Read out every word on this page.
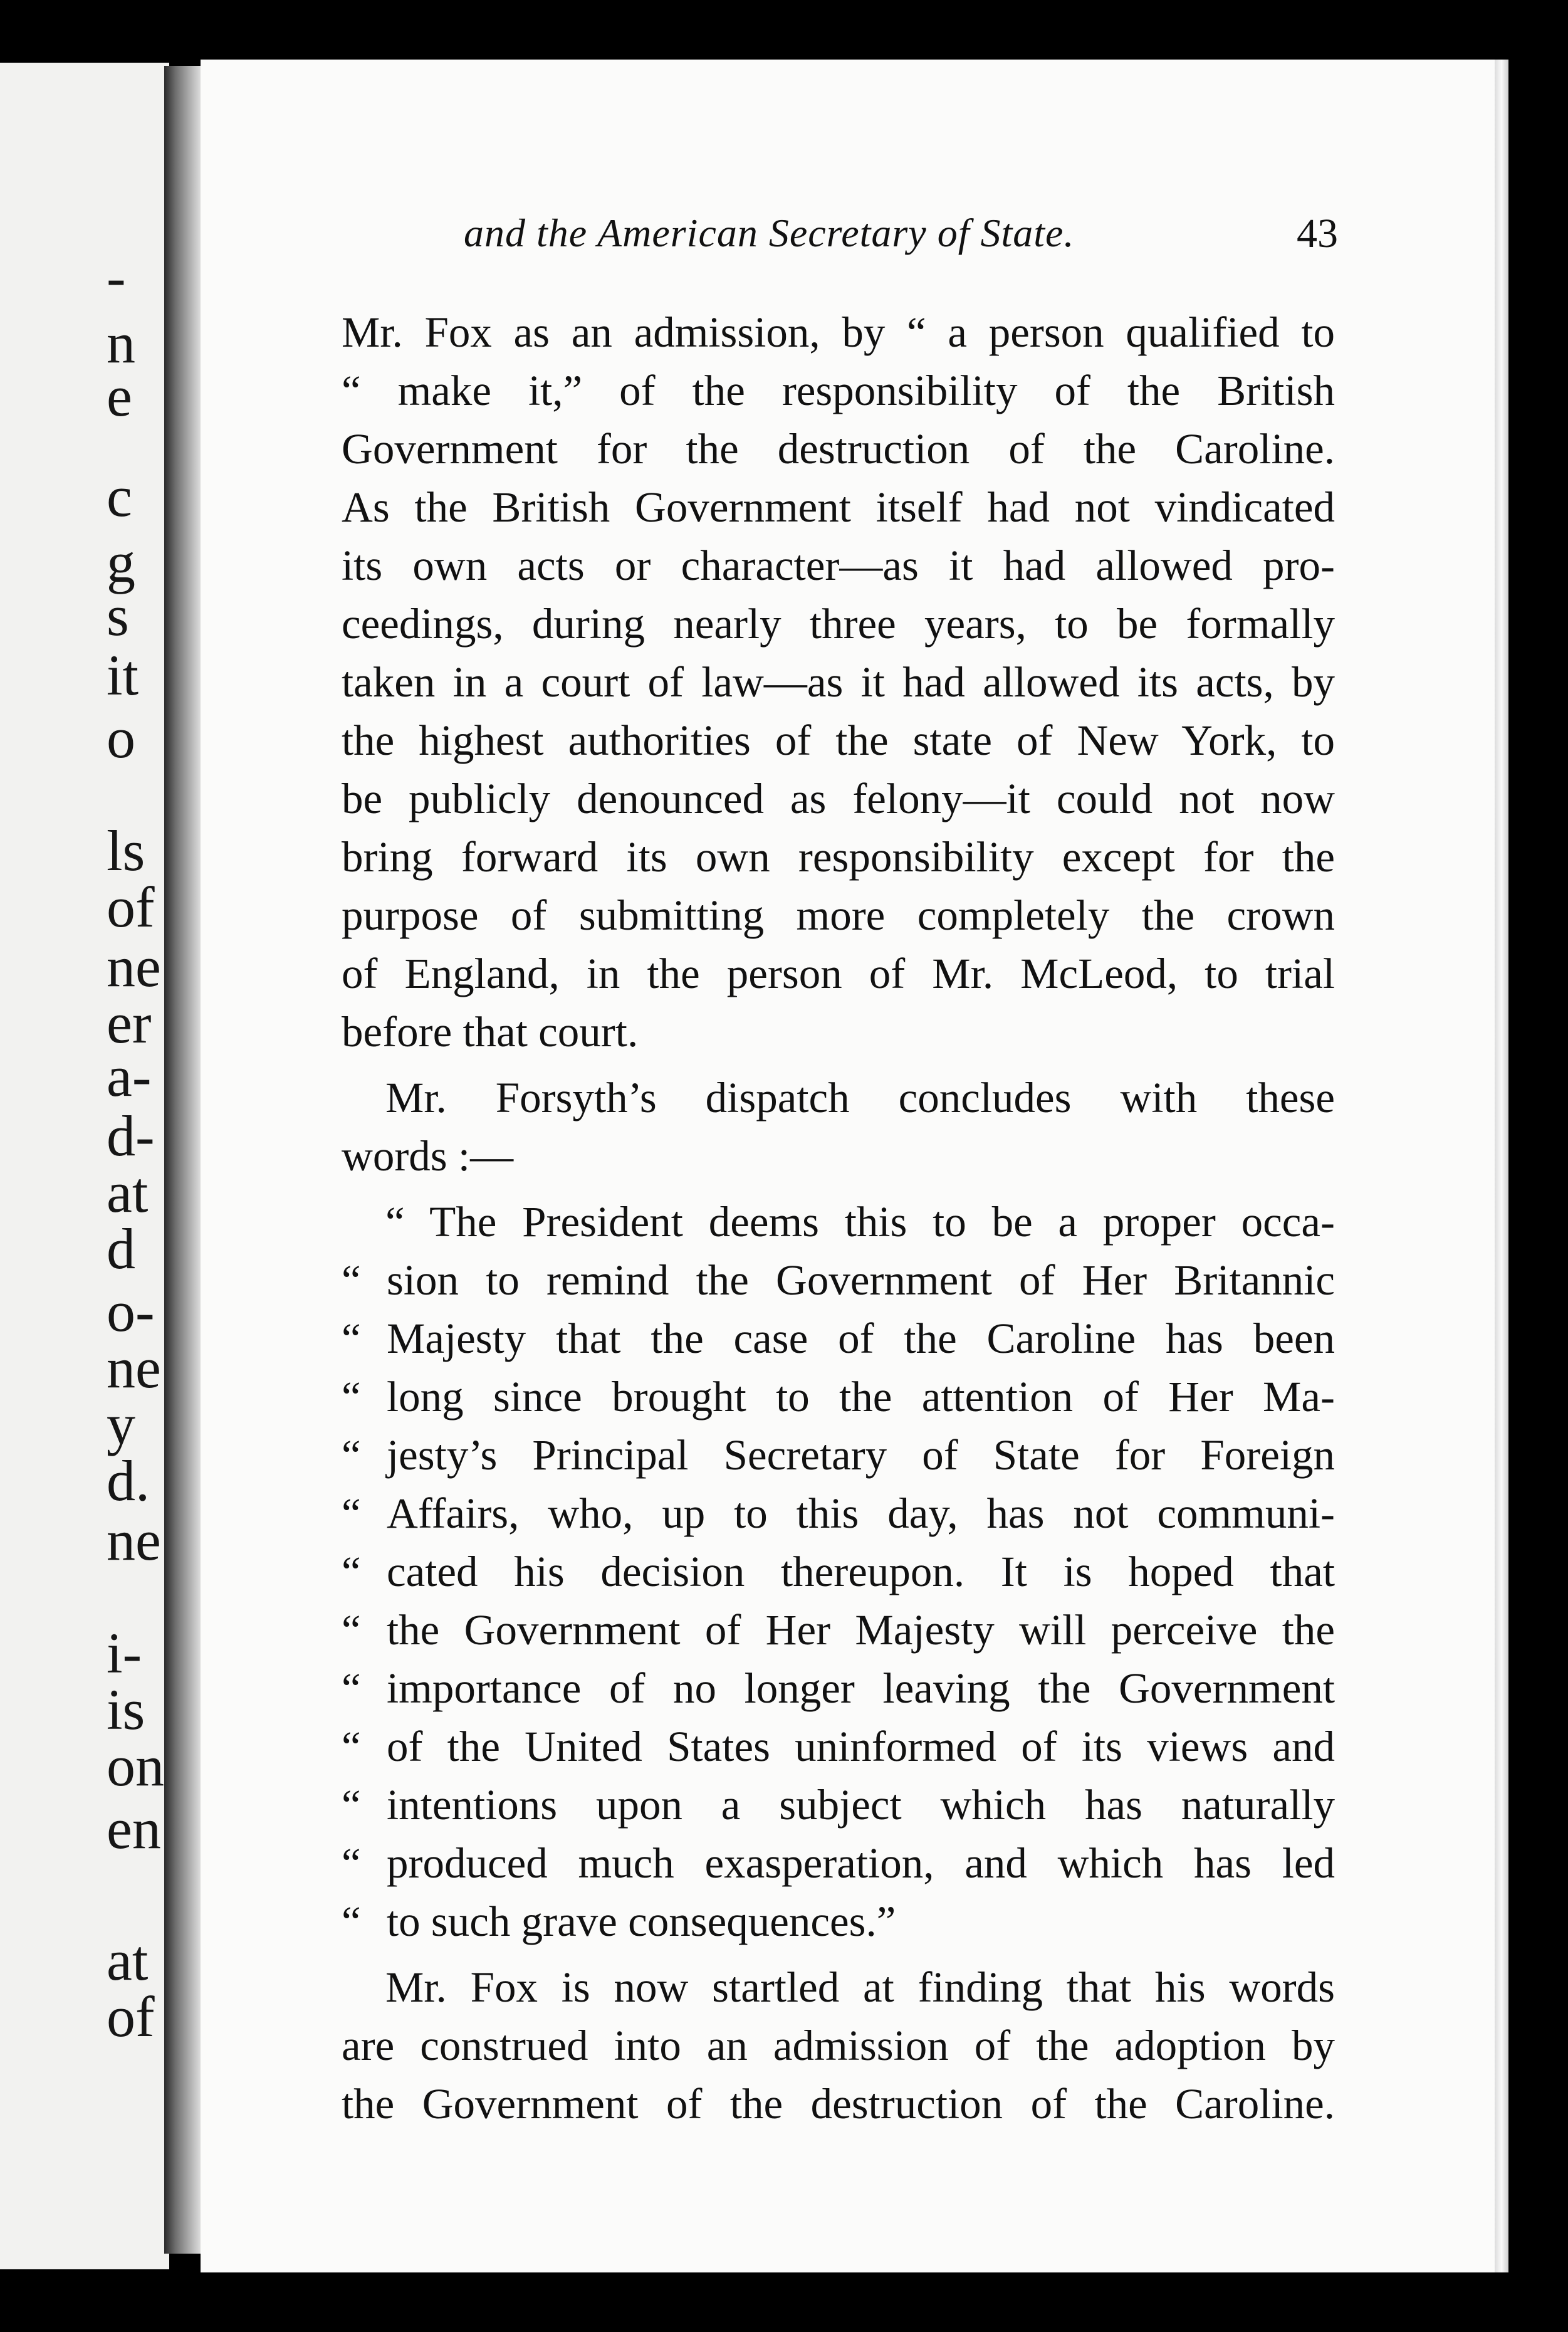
-
n
e
c
g
s
it
o
ls
of
ne
er
a-
d-
at
d
o-
ne
y
d.
ne
i-
is
on
en
at
of
and the American Secretary of State.	43
Mr. Fox as an admission, by “ a person qualified to
“ make it,” of the responsibility of the British
Government for the destruction of the Caroline.
As the British Government itself had not vindicated
its own acts or character—as it had allowed pro-
ceedings, during nearly three years, to be formally
taken in a court of law—as it had allowed its acts, by
the highest authorities of the state of New York, to
be publicly denounced as felony—it could not now
bring forward its own responsibility except for the
purpose of submitting more completely the crown
of England, in the person of Mr. McLeod, to trial
before that court.
Mr. Forsyth’s dispatch concludes with these
words :—
“ The President deems this to be a proper occa-
“ sion to remind the Government of Her Britannic
“ Majesty that the case of the Caroline has been
“ long since brought to the attention of Her Ma-
“ jesty’s Principal Secretary of State for Foreign
“ Affairs, who, up to this day, has not communi-
“ cated his decision thereupon. It is hoped that
“ the Government of Her Majesty will perceive the
“ importance of no longer leaving the Government
“ of the United States uninformed of its views and
“ intentions upon a subject which has naturally
“ produced much exasperation, and which has led
“ to such grave consequences.”
Mr. Fox is now startled at finding that his words
are construed into an admission of the adoption by
the Government of the destruction of the Caroline.
